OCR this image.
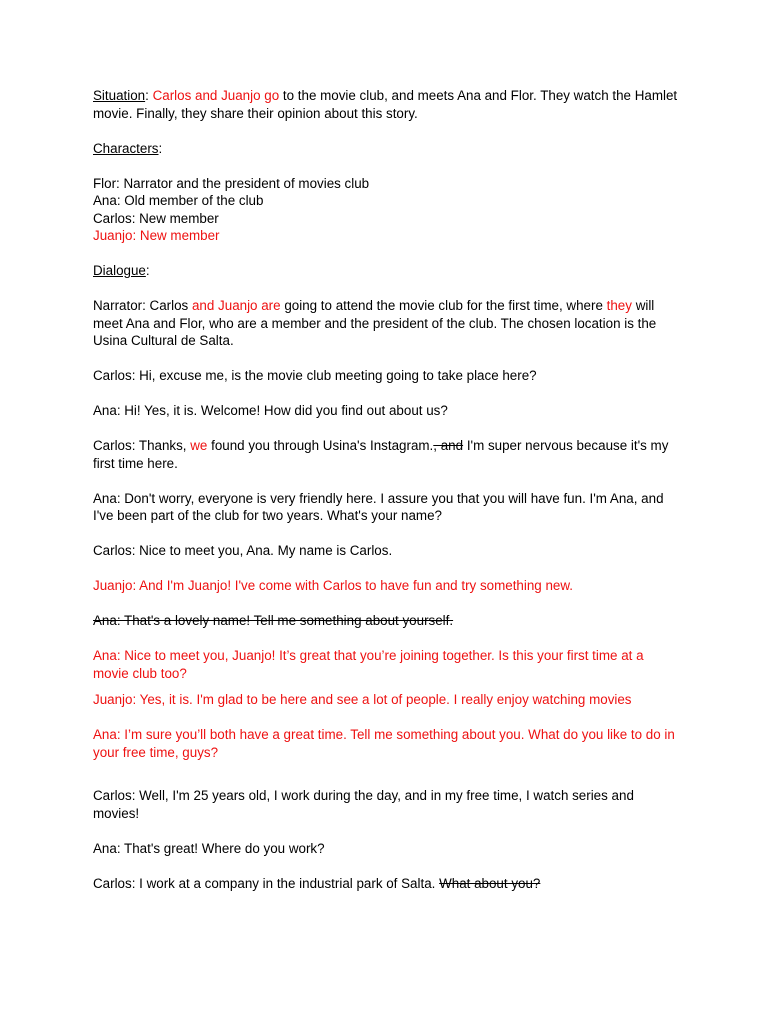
Situation: Carlos and Juanjo go to the movie club, and meets Ana and Flor. They watch the Hamlet movie. Finally, they share their opinion about this story.

Characters:

Flor: Narrator and the president of movies club

Ana: Old member of the club

Carlos: New member

Juanjo: New member

Dialogue:

Narrator: Carlos and Juanjo are going to attend the movie club for the first time, where they will meet Ana and Flor, who are a member and the president of the club. The chosen location is the Usina Cultural de Salta.

Carlos: Hi, excuse me, is the movie club meeting going to take place here?

Ana: Hi! Yes, it is. Welcome! How did you find out about us?

Carlos: Thanks, we found you through Usina's Instagram., and I'm super nervous because it's my first time here.

Ana: Don't worry, everyone is very friendly here. I assure you that you will have fun. I'm Ana, and I've been part of the club for two years. What's your name?

Carlos: Nice to meet you, Ana. My name is Carlos.

Juanjo: And I'm Juanjo! I've come with Carlos to have fun and try something new.

Ana: That's a lovely name! Tell me something about yourself.

Ana: Nice to meet you, Juanjo! It’s great that you’re joining together. Is this your first time at a movie club too?

Juanjo: Yes, it is. I'm glad to be here and see a lot of people. I really enjoy watching movies

Ana: I’m sure you’ll both have a great time. Tell me something about you. What do you like to do in your free time, guys?

Carlos: Well, I'm 25 years old, I work during the day, and in my free time, I watch series and movies!

Ana: That's great! Where do you work?

Carlos: I work at a company in the industrial park of Salta. What about you?
